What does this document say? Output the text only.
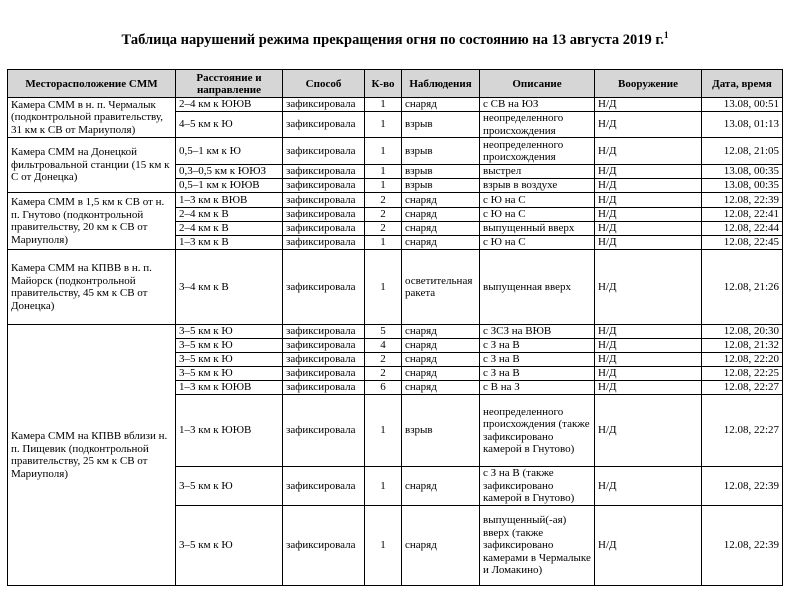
Таблица нарушений режима прекращения огня по состоянию на 13 августа 2019 г.$^1$
Месторасположение СММ	Расстояние и направление	Способ	К-во	Наблюдения	Описание	Вооружение	Дата, время
Камера СММ в н. п. Чермалык (подконтрольной правительству, 31 км к СВ от Мариуполя)	2–4 км к ЮЮВ	зафиксировала	1	снаряд	с СВ на ЮЗ	Н/Д	13.08, 00:51
	4–5 км к Ю	зафиксировала	1	взрыв	неопределенного происхождения	Н/Д	13.08, 01:13
Камера СММ на Донецкой фильтровальной станции (15 км к С от Донецка)	0,5–1 км к Ю	зафиксировала	1	взрыв	неопределенного происхождения	Н/Д	12.08, 21:05
	0,3–0,5 км к ЮЮЗ	зафиксировала	1	взрыв	выстрел	Н/Д	13.08, 00:35
	0,5–1 км к ЮЮВ	зафиксировала	1	взрыв	взрыв в воздухе	Н/Д	13.08, 00:35
Камера СММ в 1,5 км к СВ от н. п. Гнутово (подконтрольной правительству, 20 км к СВ от Мариуполя)	1–3 км к ВЮВ	зафиксировала	2	снаряд	с Ю на С	Н/Д	12.08, 22:39
	2–4 км к В	зафиксировала	2	снаряд	с Ю на С	Н/Д	12.08, 22:41
	2–4 км к В	зафиксировала	2	снаряд	выпущенный вверх	Н/Д	12.08, 22:44
	1–3 км к В	зафиксировала	1	снаряд	с Ю на С	Н/Д	12.08, 22:45
Камера СММ на КПВВ в н. п. Майорск (подконтрольной правительству, 45 км к СВ от Донецка)	3–4 км к В	зафиксировала	1	осветительная ракета	выпущенная вверх	Н/Д	12.08, 21:26
Камера СММ на КПВВ вблизи н. п. Пищевик (подконтрольной правительству, 25 км к СВ от Мариуполя)	3–5 км к Ю	зафиксировала	5	снаряд	с ЗСЗ на ВЮВ	Н/Д	12.08, 20:30
	3–5 км к Ю	зафиксировала	4	снаряд	с З на В	Н/Д	12.08, 21:32
	3–5 км к Ю	зафиксировала	2	снаряд	с З на В	Н/Д	12.08, 22:20
	3–5 км к Ю	зафиксировала	2	снаряд	с З на В	Н/Д	12.08, 22:25
	1–3 км к ЮЮВ	зафиксировала	6	снаряд	с В на З	Н/Д	12.08, 22:27
	1–3 км к ЮЮВ	зафиксировала	1	взрыв	неопределенного происхождения (также зафиксировано камерой в Гнутово)	Н/Д	12.08, 22:27
	3–5 км к Ю	зафиксировала	1	снаряд	с З на В (также зафиксировано камерой в Гнутово)	Н/Д	12.08, 22:39
	3–5 км к Ю	зафиксировала	1	снаряд	выпущенный(-ая) вверх (также зафиксировано камерами в Чермалыке и Ломакино)	Н/Д	12.08, 22:39
